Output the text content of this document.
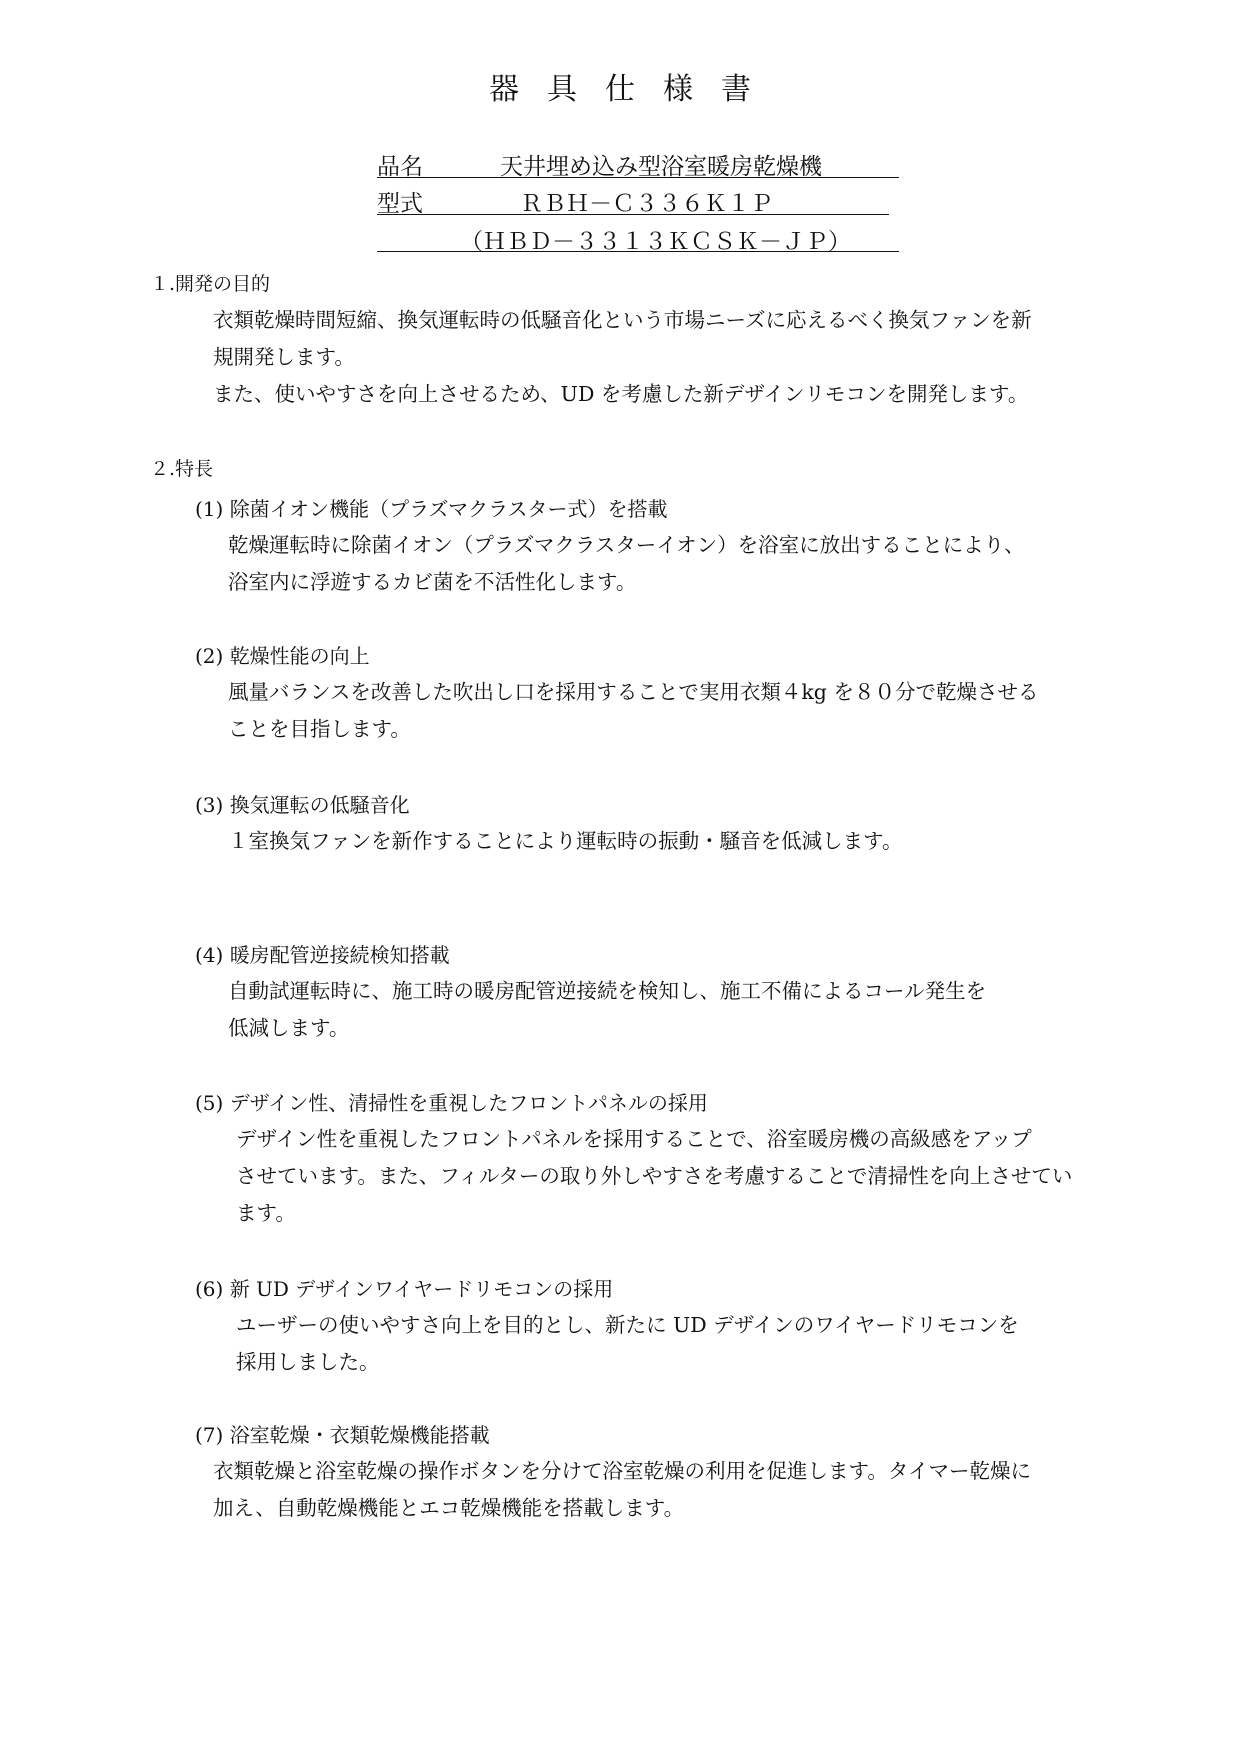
器具仕様書
品名	天井埋め込み型浴室暖房乾燥機
型式	ＲＢＨ－Ｃ３３６Ｋ１Ｐ
（ＨＢＤ－３３１３ＫＣＳＫ－ＪＰ）
１.開発の目的
衣類乾燥時間短縮、換気運転時の低騒音化という市場ニーズに応えるべく換気ファンを新
規開発します。
また、使いやすさを向上させるため、UD を考慮した新デザインリモコンを開発します。
２.特長
(1) 除菌イオン機能（プラズマクラスター式）を搭載
乾燥運転時に除菌イオン（プラズマクラスターイオン）を浴室に放出することにより、
浴室内に浮遊するカビ菌を不活性化します。
(2) 乾燥性能の向上
風量バランスを改善した吹出し口を採用することで実用衣類４kg を８０分で乾燥させる
ことを目指します。
(3) 換気運転の低騒音化
１室換気ファンを新作することにより運転時の振動・騒音を低減します。
(4) 暖房配管逆接続検知搭載
自動試運転時に、施工時の暖房配管逆接続を検知し、施工不備によるコール発生を
低減します。
(5) デザイン性、清掃性を重視したフロントパネルの採用
デザイン性を重視したフロントパネルを採用することで、浴室暖房機の高級感をアップ
させています。また、フィルターの取り外しやすさを考慮することで清掃性を向上させてい
ます。
(6) 新 UD デザインワイヤードリモコンの採用
ユーザーの使いやすさ向上を目的とし、新たに UD デザインのワイヤードリモコンを
採用しました。
(7) 浴室乾燥・衣類乾燥機能搭載
衣類乾燥と浴室乾燥の操作ボタンを分けて浴室乾燥の利用を促進します。タイマー乾燥に
加え、自動乾燥機能とエコ乾燥機能を搭載します。
